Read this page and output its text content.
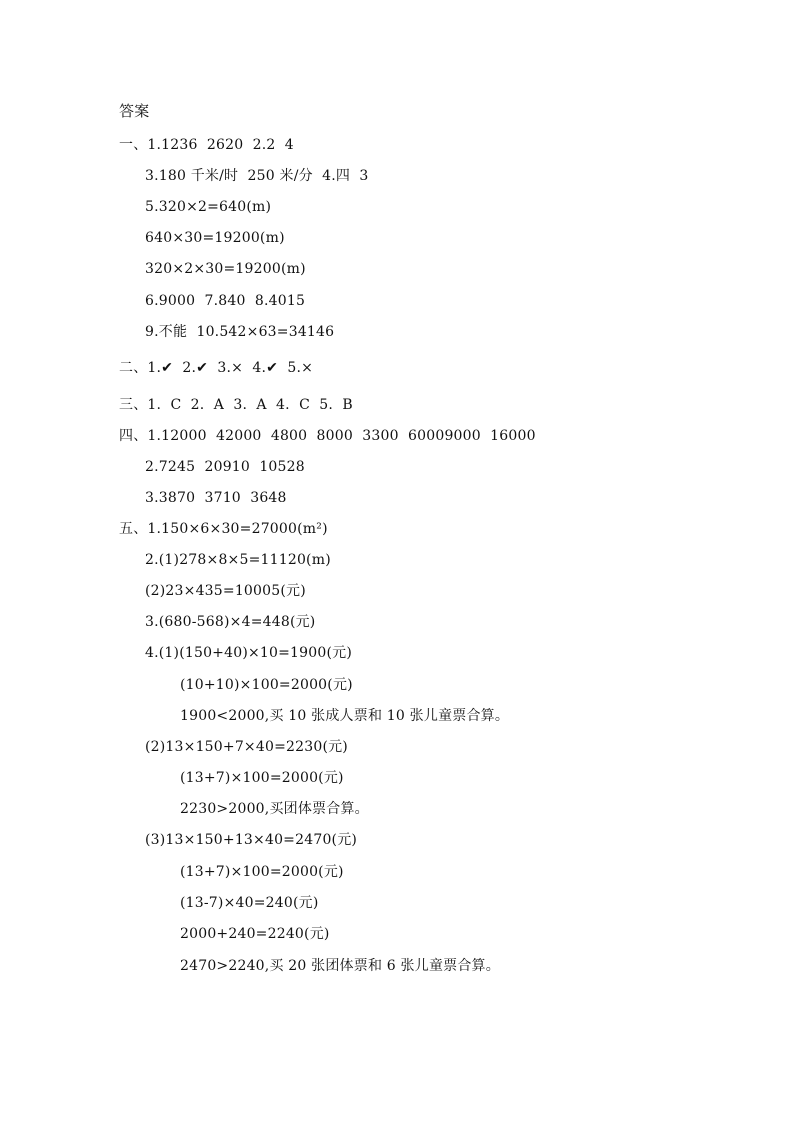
答案
一、1.1236  2620  2.2  4
3.180 千米/时  250 米/分  4.四  3
5.320×2=640(m)
640×30=19200(m)
320×2×30=19200(m)
6.9000  7.840  8.4015
9.不能  10.542×63=34146
二、1.✔  2.✔  3.×  4.✔  5.×
三、1.  C  2.  A  3.  A  4.  C  5.  B
四、1.12000  42000  4800  8000  3300  60009000  16000
2.7245  20910  10528
3.3870  3710  3648
五、1.150×6×30=27000(m²)
2.(1)278×8×5=11120(m)
(2)23×435=10005(元)
3.(680-568)×4=448(元)
4.(1)(150+40)×10=1900(元)
(10+10)×100=2000(元)
1900<2000,买 10 张成人票和 10 张儿童票合算。
(2)13×150+7×40=2230(元)
(13+7)×100=2000(元)
2230>2000,买团体票合算。
(3)13×150+13×40=2470(元)
(13+7)×100=2000(元)
(13-7)×40=240(元)
2000+240=2240(元)
2470>2240,买 20 张团体票和 6 张儿童票合算。
